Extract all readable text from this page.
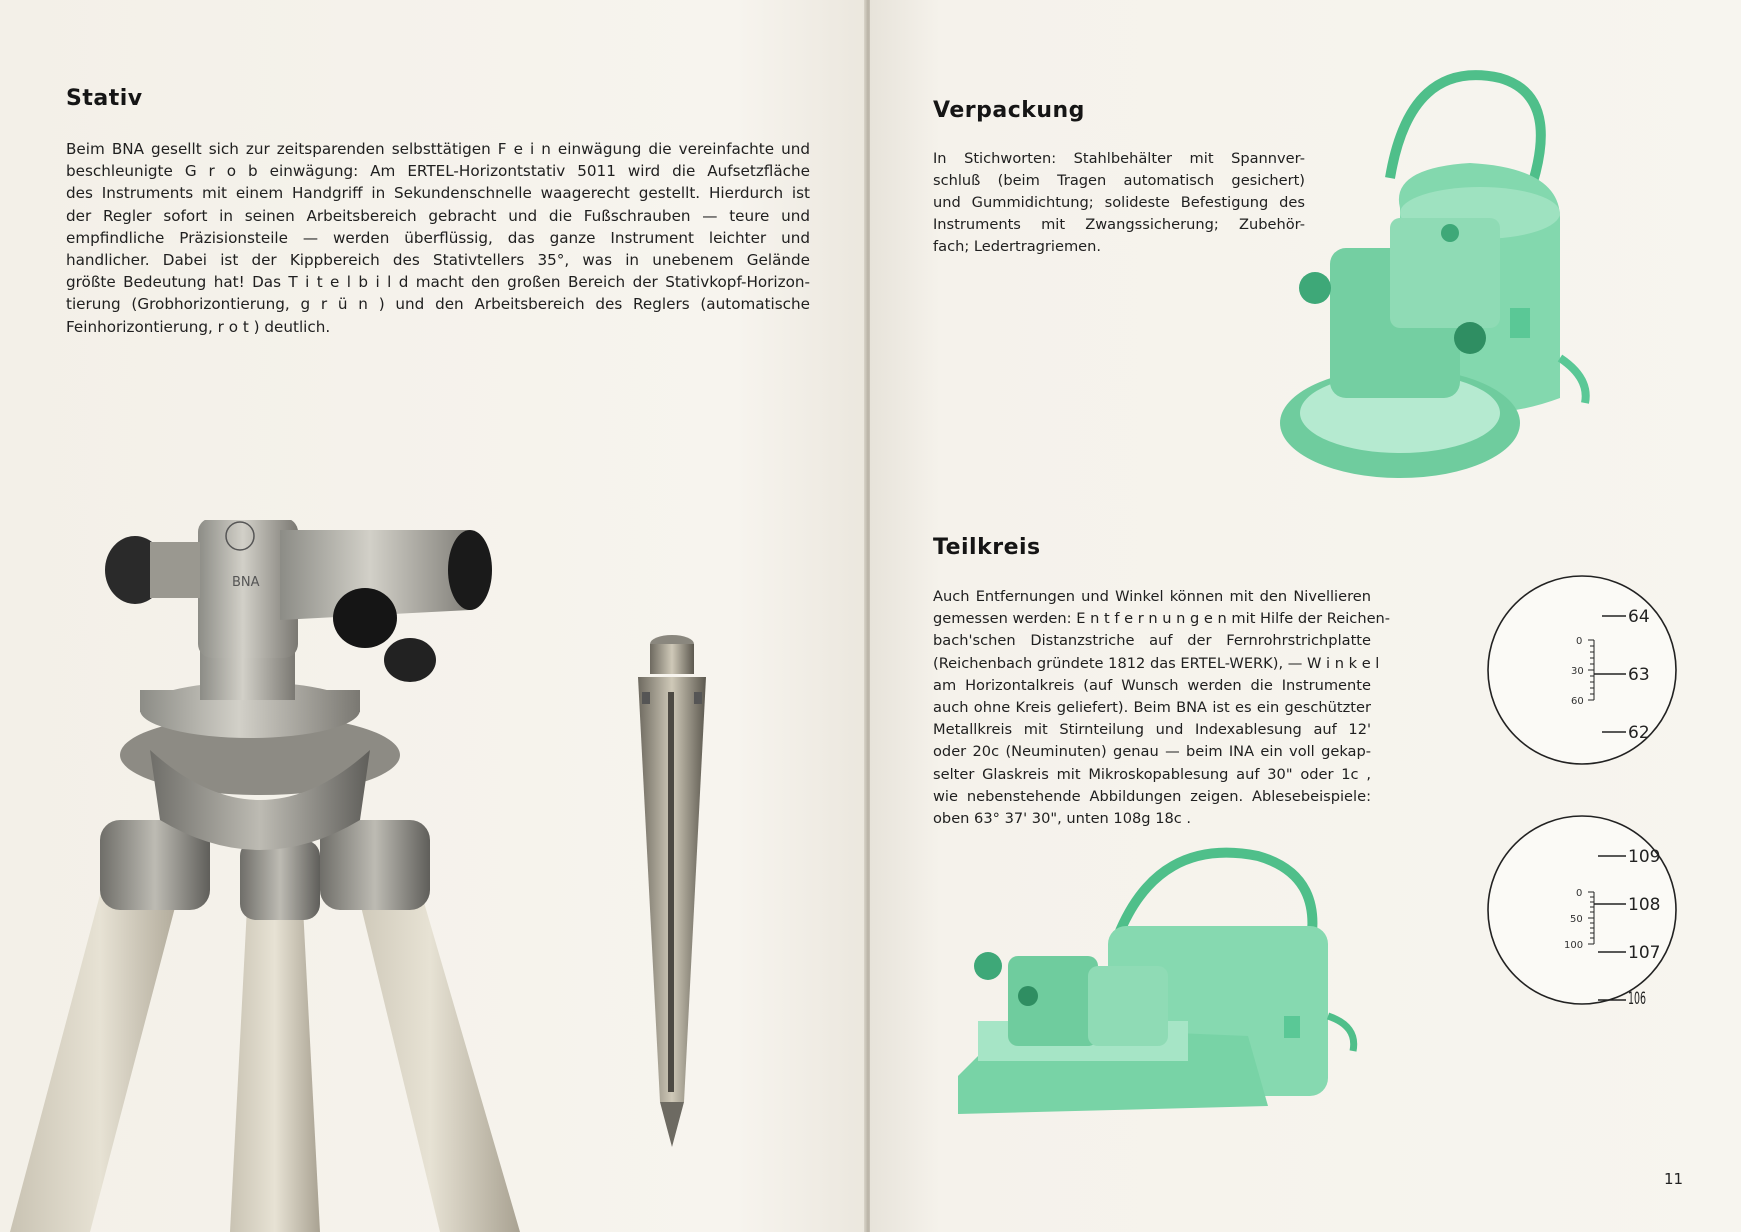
Stativ
Beim BNA gesellt sich zur zeitsparenden selbsttätigen F e i n einwägung die vereinfachte und
beschleunigte G r o b einwägung: Am ERTEL-Horizontstativ 5011 wird die Aufsetzfläche
des Instruments mit einem Handgriff in Sekundenschnelle waagerecht gestellt. Hierdurch ist
der Regler sofort in seinen Arbeitsbereich gebracht und die Fußschrauben — teure und
empfindliche Präzisionsteile — werden überflüssig, das ganze Instrument leichter und
handlicher. Dabei ist der Kippbereich des Stativtellers 35°, was in unebenem Gelände
größte Bedeutung hat! Das T i t e l b i l d macht den großen Bereich der Stativkopf-Horizon-
tierung (Grobhorizontierung, g r ü n ) und den Arbeitsbereich des Reglers (automatische
Feinhorizontierung, r o t ) deutlich.
BNA
Verpackung
In Stichworten: Stahlbehälter mit Spannver-
schluß (beim Tragen automatisch gesichert)
und Gummidichtung; solideste Befestigung des
Instruments mit Zwangssicherung; Zubehör-
fach; Ledertragriemen.
Teilkreis
Auch Entfernungen und Winkel können mit den Nivellieren
gemessen werden: E n t f e r n u n g e n mit Hilfe der Reichen-
bach'schen Distanzstriche auf der Fernrohrstrichplatte
(Reichenbach gründete 1812 das ERTEL-WERK), — W i n k e l
am Horizontalkreis (auf Wunsch werden die Instrumente
auch ohne Kreis geliefert). Beim BNA ist es ein geschützter
Metallkreis mit Stirnteilung und Indexablesung auf 12'
oder 20c (Neuminuten) genau — beim INA ein voll gekap-
selter Glaskreis mit Mikroskopablesung auf 30" oder 1c ,
wie nebenstehende Abbildungen zeigen. Ablesebeispiele:
oben 63° 37' 30", unten 108g 18c .
64
63
62
0
30
60
109
108
107
106
0
50
100
11
